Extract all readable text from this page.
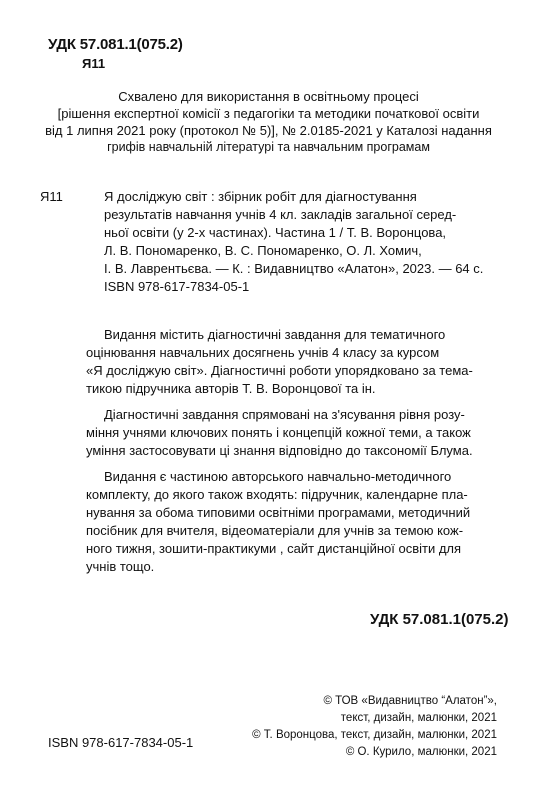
УДК 57.081.1(075.2)
Я11
Схвалено для використання в освітньому процесі
[рішення експертної комісії з педагогіки та методики початкової освіти
від 1 липня 2021 року (протокол № 5)], № 2.0185-2021 у Каталозі надання
грифів навчальній літературі та навчальним програмам
Я11	Я досліджую світ : збірник робіт для діагностування
результатів навчання учнів 4 кл. закладів загальної серед-
ньої освіти (у 2-х частинах). Частина 1 / Т. В. Воронцова,
Л. В. Пономаренко, В. С. Пономаренко, О. Л. Хомич,
І. В. Лаврентьєва. — К. : Видавництво «Алатон», 2023. — 64 с.
ISBN 978-617-7834-05-1

Видання містить діагностичні завдання для тематичного
оцінювання навчальних досягнень учнів 4 класу за курсом
«Я досліджую світ». Діагностичні роботи упорядковано за тема-
тикою підручника авторів Т. В. Воронцової та ін.

Діагностичні завдання спрямовані на з'ясування рівня розу-
міння учнями ключових понять і концепцій кожної теми, а також
уміння застосовувати ці знання відповідно до таксономії Блума.

Видання є частиною авторського навчально-методичного
комплекту, до якого також входять: підручник, календарне пла-
нування за обома типовими освітніми програмами, методичний
посібник для вчителя, відеоматеріали для учнів за темою кож-
ного тижня, зошити-практикуми , сайт дистанційної освіти для
учнів тощо.

УДК 57.081.1(075.2)
© ТОВ «Видавництво “Алатон”»,
текст, дизайн, малюнки, 2021
© Т. Воронцова, текст, дизайн, малюнки, 2021
© О. Курило, малюнки, 2021
ISBN 978-617-7834-05-1
